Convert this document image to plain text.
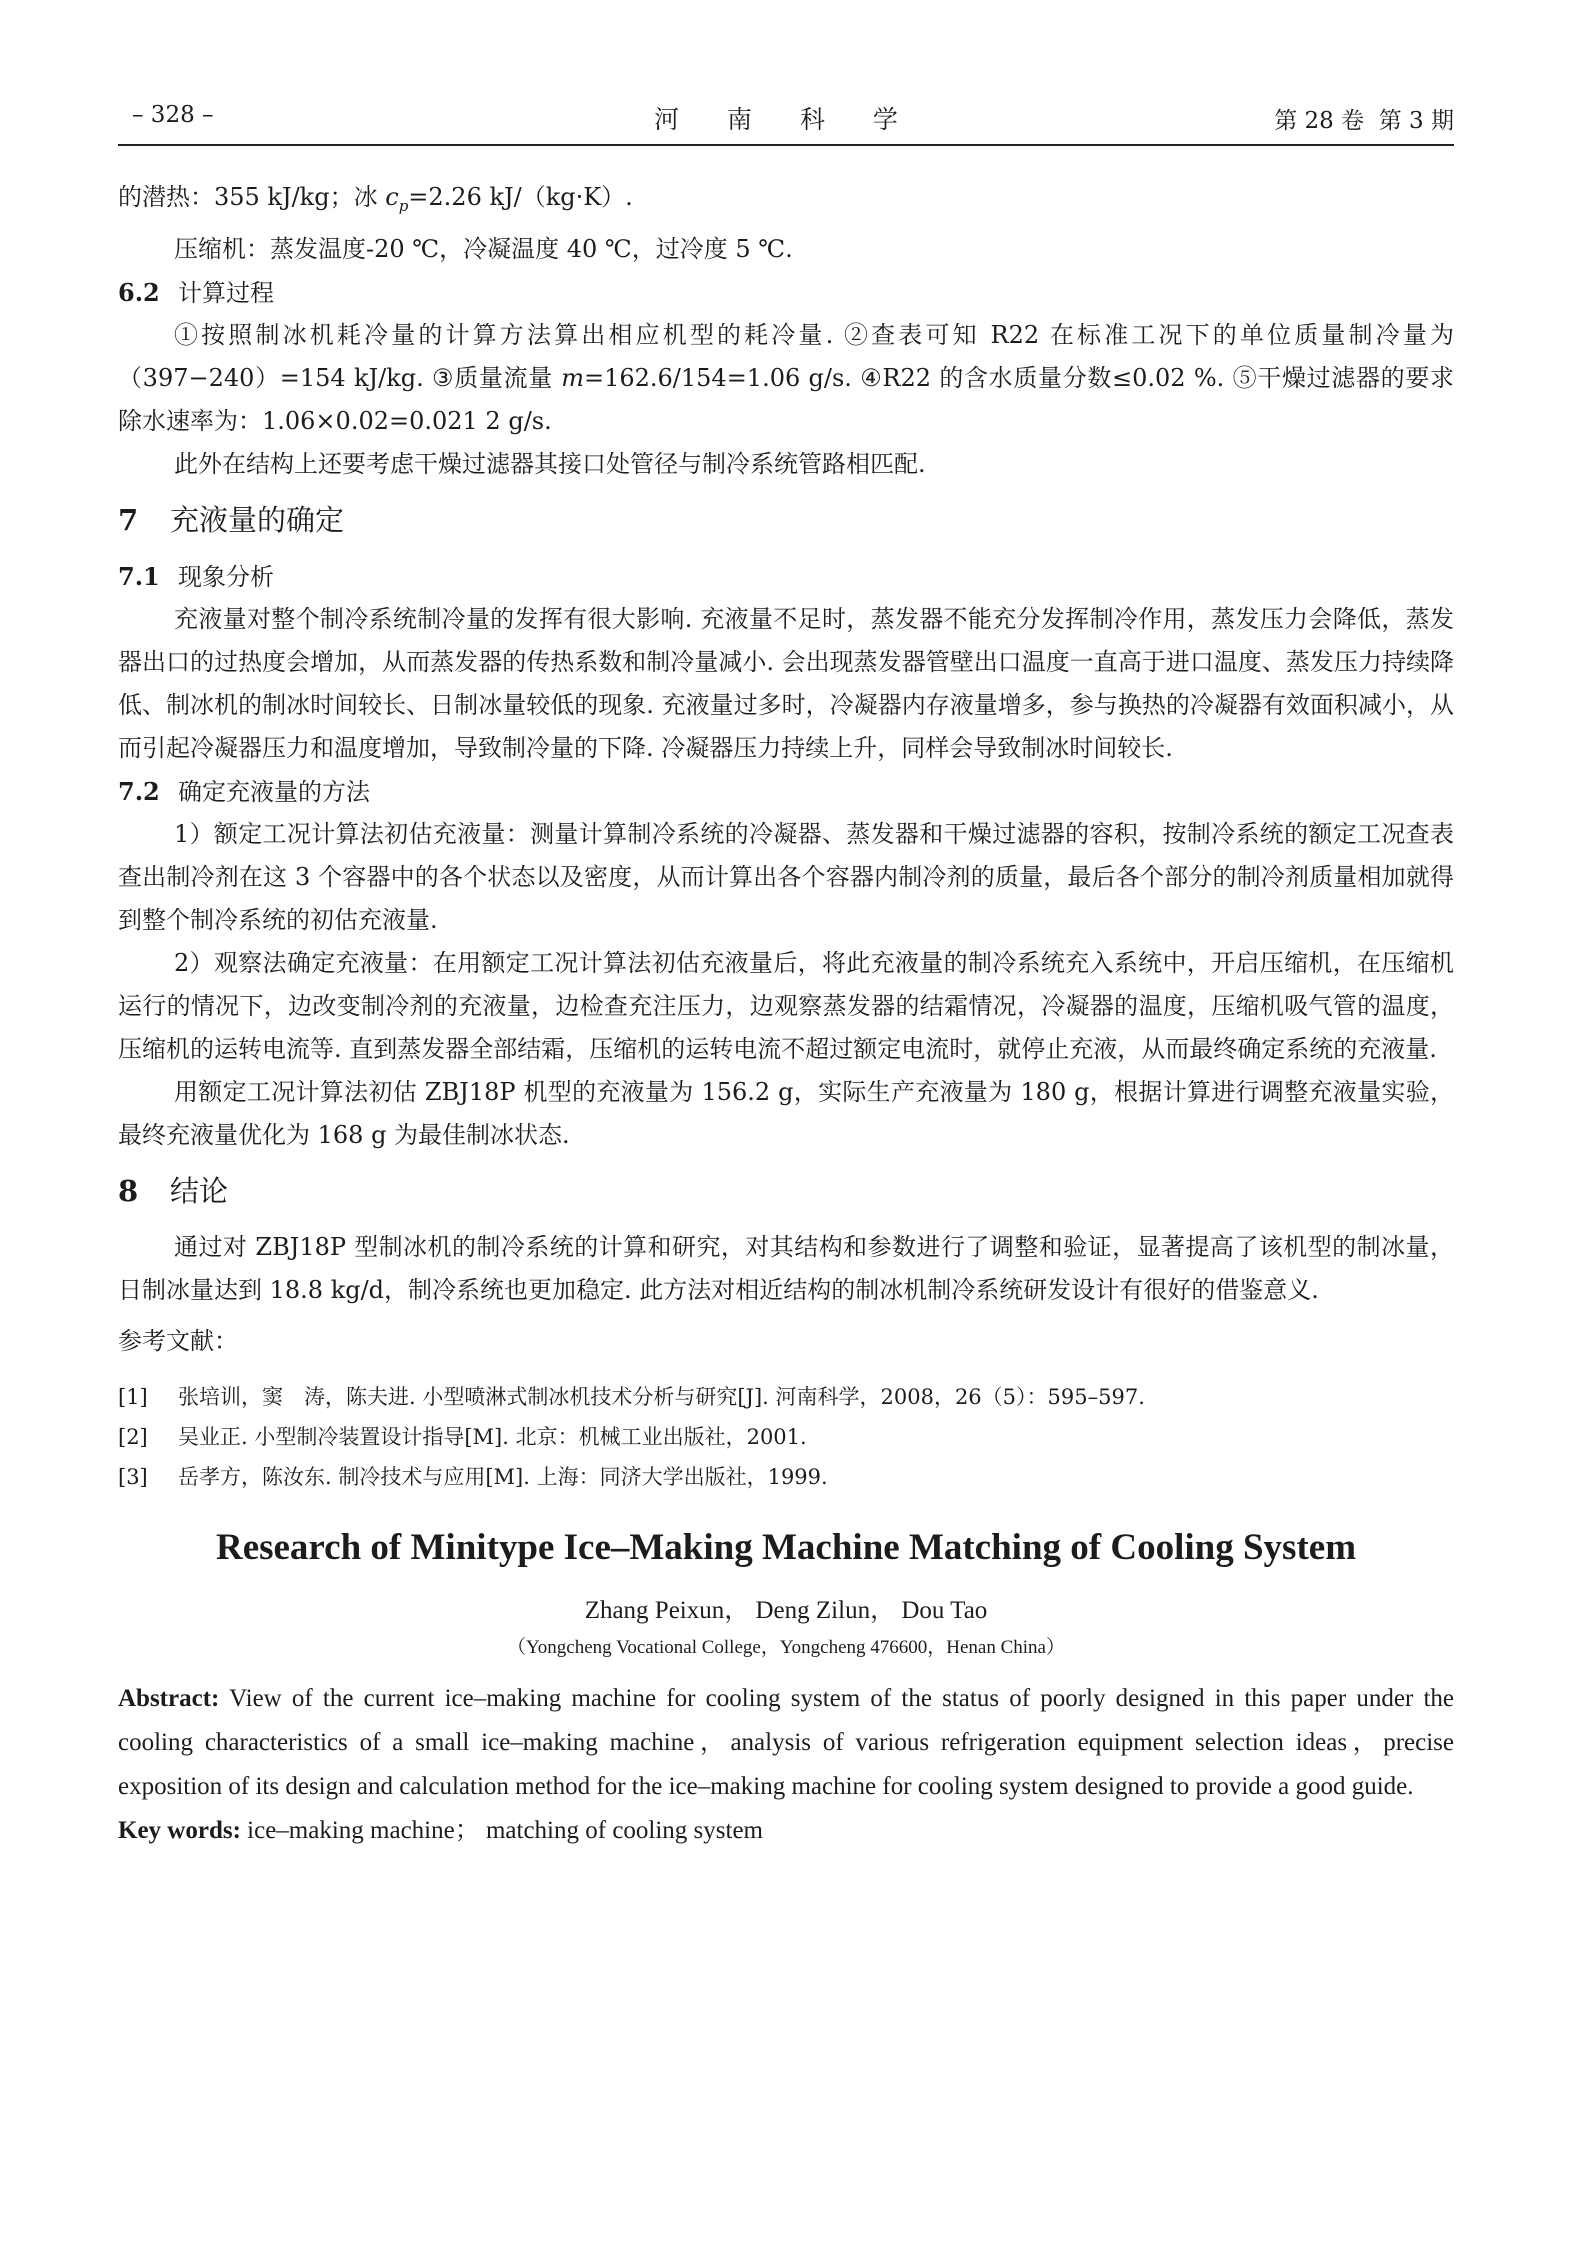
– 328 –	河 南 科 学	第 28 卷  第 3 期

的潜热：355 kJ/kg；冰 $c_p=2.26$ kJ/（kg·K）.

压缩机：蒸发温度-20 ℃，冷凝温度 40 ℃，过冷度 5 ℃.

6.2 计算过程

①按照制冰机耗冷量的计算方法算出相应机型的耗冷量. ②查表可知 R22 在标准工况下的单位质量制冷量为（397−240）=154 kJ/kg. ③质量流量 m=162.6/154=1.06 g/s. ④R22 的含水质量分数≤0.02 %. ⑤干燥过滤器的要求除水速率为：1.06×0.02=0.021 2 g/s.

此外在结构上还要考虑干燥过滤器其接口处管径与制冷系统管路相匹配.

7 充液量的确定

7.1 现象分析

充液量对整个制冷系统制冷量的发挥有很大影响. 充液量不足时，蒸发器不能充分发挥制冷作用，蒸发压力会降低，蒸发器出口的过热度会增加，从而蒸发器的传热系数和制冷量减小. 会出现蒸发器管壁出口温度一直高于进口温度、蒸发压力持续降低、制冰机的制冰时间较长、日制冰量较低的现象. 充液量过多时，冷凝器内存液量增多，参与换热的冷凝器有效面积减小，从而引起冷凝器压力和温度增加，导致制冷量的下降. 冷凝器压力持续上升，同样会导致制冰时间较长.

7.2 确定充液量的方法

1）额定工况计算法初估充液量：测量计算制冷系统的冷凝器、蒸发器和干燥过滤器的容积，按制冷系统的额定工况查表查出制冷剂在这 3 个容器中的各个状态以及密度，从而计算出各个容器内制冷剂的质量，最后各个部分的制冷剂质量相加就得到整个制冷系统的初估充液量.

2）观察法确定充液量：在用额定工况计算法初估充液量后，将此充液量的制冷系统充入系统中，开启压缩机，在压缩机运行的情况下，边改变制冷剂的充液量，边检查充注压力，边观察蒸发器的结霜情况，冷凝器的温度，压缩机吸气管的温度，压缩机的运转电流等. 直到蒸发器全部结霜，压缩机的运转电流不超过额定电流时，就停止充液，从而最终确定系统的充液量.

用额定工况计算法初估 ZBJ18P 机型的充液量为 156.2 g，实际生产充液量为 180 g，根据计算进行调整充液量实验，最终充液量优化为 168 g 为最佳制冰状态.

8 结论

通过对 ZBJ18P 型制冰机的制冷系统的计算和研究，对其结构和参数进行了调整和验证，显著提高了该机型的制冰量，日制冰量达到 18.8 kg/d，制冷系统也更加稳定. 此方法对相近结构的制冰机制冷系统研发设计有很好的借鉴意义.

参考文献：

[1] 张培训，窦　涛，陈夫进. 小型喷淋式制冰机技术分析与研究[J]. 河南科学，2008，26（5）：595–597.

[2] 吴业正. 小型制冷装置设计指导[M]. 北京：机械工业出版社，2001.

[3] 岳孝方，陈汝东. 制冷技术与应用[M]. 上海：同济大学出版社，1999.

Research of Minitype Ice–Making Machine Matching of Cooling System

Zhang Peixun， Deng Zilun， Dou Tao

（Yongcheng Vocational College，Yongcheng 476600，Henan China）

Abstract: View of the current ice–making machine for cooling system of the status of poorly designed in this paper under the cooling characteristics of a small ice–making machine，analysis of various refrigeration equipment selection ideas，precise exposition of its design and calculation method for the ice–making machine for cooling system designed to provide a good guide.

Key words: ice–making machine； matching of cooling system
